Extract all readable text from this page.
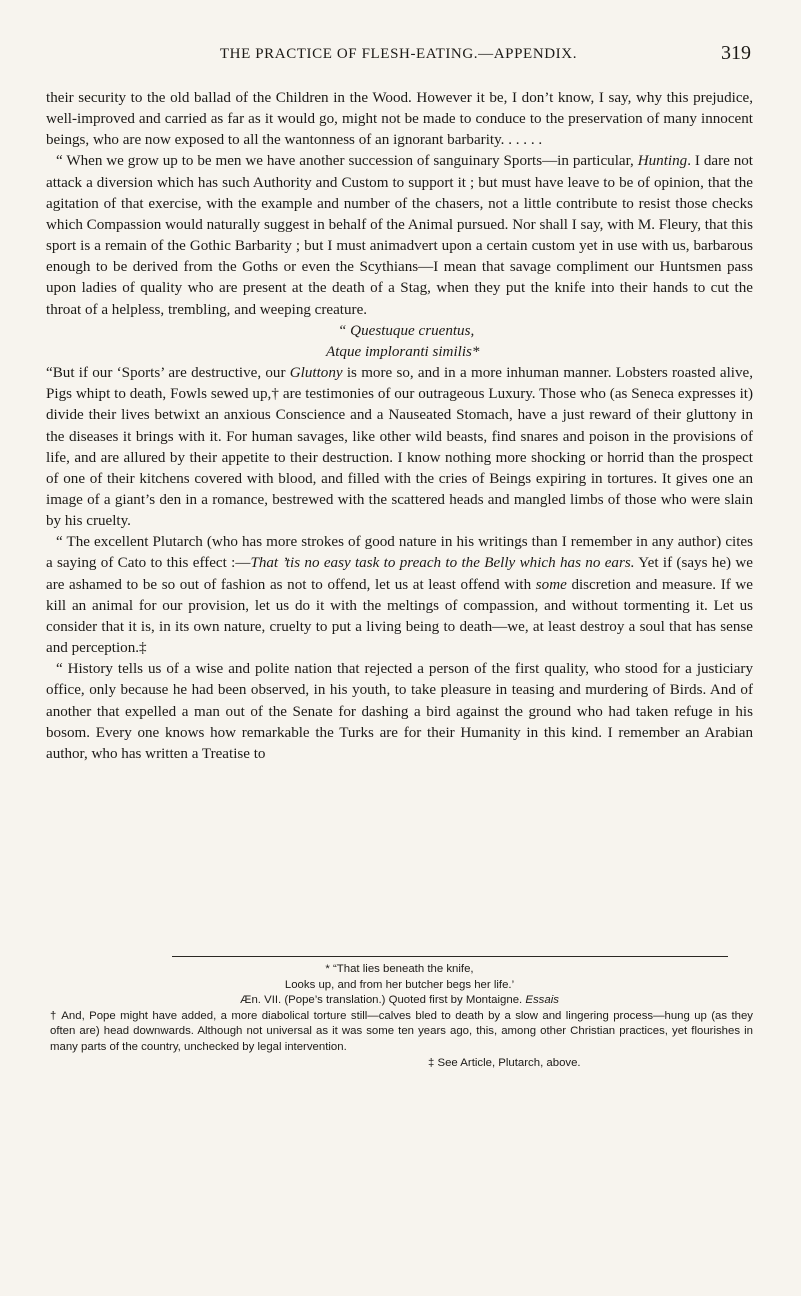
THE PRACTICE OF FLESH-EATING.—APPENDIX.	319

their security to the old ballad of the Children in the Wood. However it be, I don’t know, I say, why this prejudice, well-improved and carried as far as it would go, might not be made to conduce to the preservation of many innocent beings, who are now exposed to all the wantonness of an ignorant barbarity. . . . . .

“ When we grow up to be men we have another succession of sanguinary Sports—in particular, Hunting. I dare not attack a diversion which has such Authority and Custom to support it ; but must have leave to be of opinion, that the agitation of that exercise, with the example and number of the chasers, not a little contribute to resist those checks which Compassion would naturally suggest in behalf of the Animal pursued. Nor shall I say, with M. Fleury, that this sport is a remain of the Gothic Barbarity ; but I must animadvert upon a certain custom yet in use with us, barbarous enough to be derived from the Goths or even the Scythians—I mean that savage compliment our Huntsmen pass upon ladies of quality who are present at the death of a Stag, when they put the knife into their hands to cut the throat of a helpless, trembling, and weeping creature.

“ Questuque cruentus,
Atque imploranti similis*

“But if our ‘Sports’ are destructive, our Gluttony is more so, and in a more inhuman manner. Lobsters roasted alive, Pigs whipt to death, Fowls sewed up,† are testimonies of our outrageous Luxury. Those who (as Seneca expresses it) divide their lives betwixt an anxious Conscience and a Nauseated Stomach, have a just reward of their gluttony in the diseases it brings with it. For human savages, like other wild beasts, find snares and poison in the provisions of life, and are allured by their appetite to their destruction. I know nothing more shocking or horrid than the prospect of one of their kitchens covered with blood, and filled with the cries of Beings expiring in tortures. It gives one an image of a giant’s den in a romance, bestrewed with the scattered heads and mangled limbs of those who were slain by his cruelty.

“ The excellent Plutarch (who has more strokes of good nature in his writings than I remember in any author) cites a saying of Cato to this effect :—That ’tis no easy task to preach to the Belly which has no ears. Yet if (says he) we are ashamed to be so out of fashion as not to offend, let us at least offend with some discretion and measure. If we kill an animal for our provision, let us do it with the meltings of compassion, and without tormenting it. Let us consider that it is, in its own nature, cruelty to put a living being to death—we, at least destroy a soul that has sense and perception.‡

“ History tells us of a wise and polite nation that rejected a person of the first quality, who stood for a justiciary office, only because he had been observed, in his youth, to take pleasure in teasing and murdering of Birds. And of another that expelled a man out of the Senate for dashing a bird against the ground who had taken refuge in his bosom. Every one knows how remarkable the Turks are for their Humanity in this kind. I remember an Arabian author, who has written a Treatise to

* “That lies beneath the knife,

Looks up, and from her butcher begs her life.’

Æn. VII. (Pope’s translation.) Quoted first by Montaigne. Essais

† And, Pope might have added, a more diabolical torture still—calves bled to death by a slow and lingering process—hung up (as they often are) head downwards. Although not universal as it was some ten years ago, this, among other Christian practices, yet flourishes in many parts of the country, unchecked by legal intervention.

‡ See Article, Plutarch, above.
